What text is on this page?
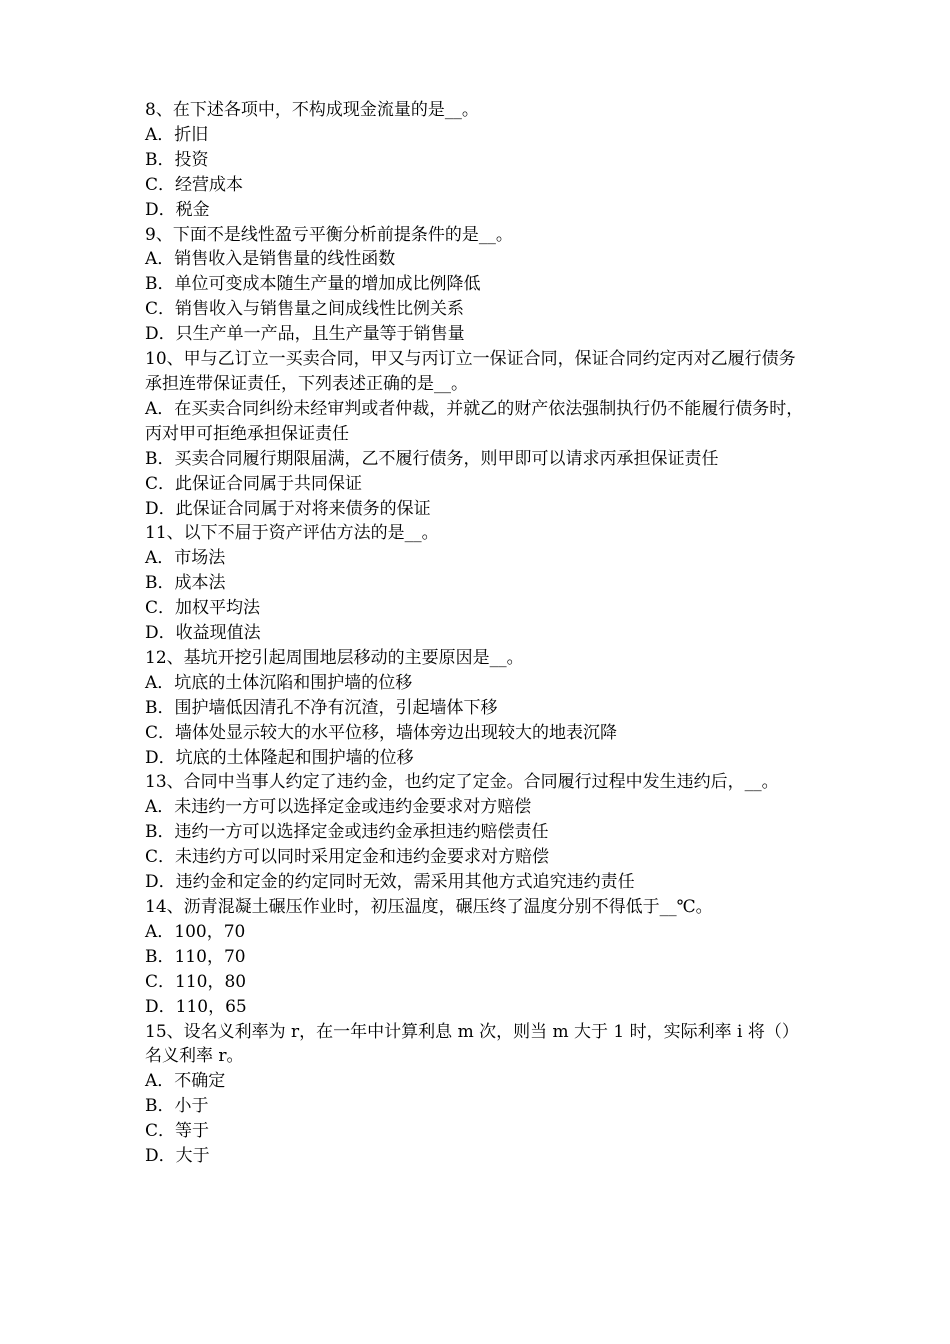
8、在下述各项中，不构成现金流量的是__。
A．折旧
B．投资
C．经营成本
D．税金
9、下面不是线性盈亏平衡分析前提条件的是__。
A．销售收入是销售量的线性函数
B．单位可变成本随生产量的增加成比例降低
C．销售收入与销售量之间成线性比例关系
D．只生产单一产品，且生产量等于销售量
10、甲与乙订立一买卖合同，甲又与丙订立一保证合同，保证合同约定丙对乙履行债务承担连带保证责任，下列表述正确的是__。
A．在买卖合同纠纷未经审判或者仲裁，并就乙的财产依法强制执行仍不能履行债务时，丙对甲可拒绝承担保证责任
B．买卖合同履行期限届满，乙不履行债务，则甲即可以请求丙承担保证责任
C．此保证合同属于共同保证
D．此保证合同属于对将来债务的保证
11、以下不屇于资产评估方法的是__。
A．市场法
B．成本法
C．加权平均法
D．收益现值法
12、基坑开挖引起周围地层移动的主要原因是__。
A．坑底的土体沉陷和围护墙的位移
B．围护墙低因清孔不净有沉渣，引起墙体下移
C．墙体处显示较大的水平位移，墙体旁边出现较大的地表沉降
D．坑底的土体隆起和围护墙的位移
13、合同中当事人约定了违约金，也约定了定金。合同履行过程中发生违约后，__。
A．未违约一方可以选择定金或违约金要求对方赔偿
B．违约一方可以选择定金或违约金承担违约赔偿责任
C．未违约方可以同时采用定金和违约金要求对方赔偿
D．违约金和定金的约定同时无效，需采用其他方式追究违约责任
14、沥青混凝土碾压作业时，初压温度，碾压终了温度分别不得低于__℃。
A．100，70
B．110，70
C．110，80
D．110，65
15、设名义利率为 r，在一年中计算利息 m 次，则当 m 大于 1 时，实际利率 i 将（）名义利率 r。
A．不确定
B．小于
C．等于
D．大于
